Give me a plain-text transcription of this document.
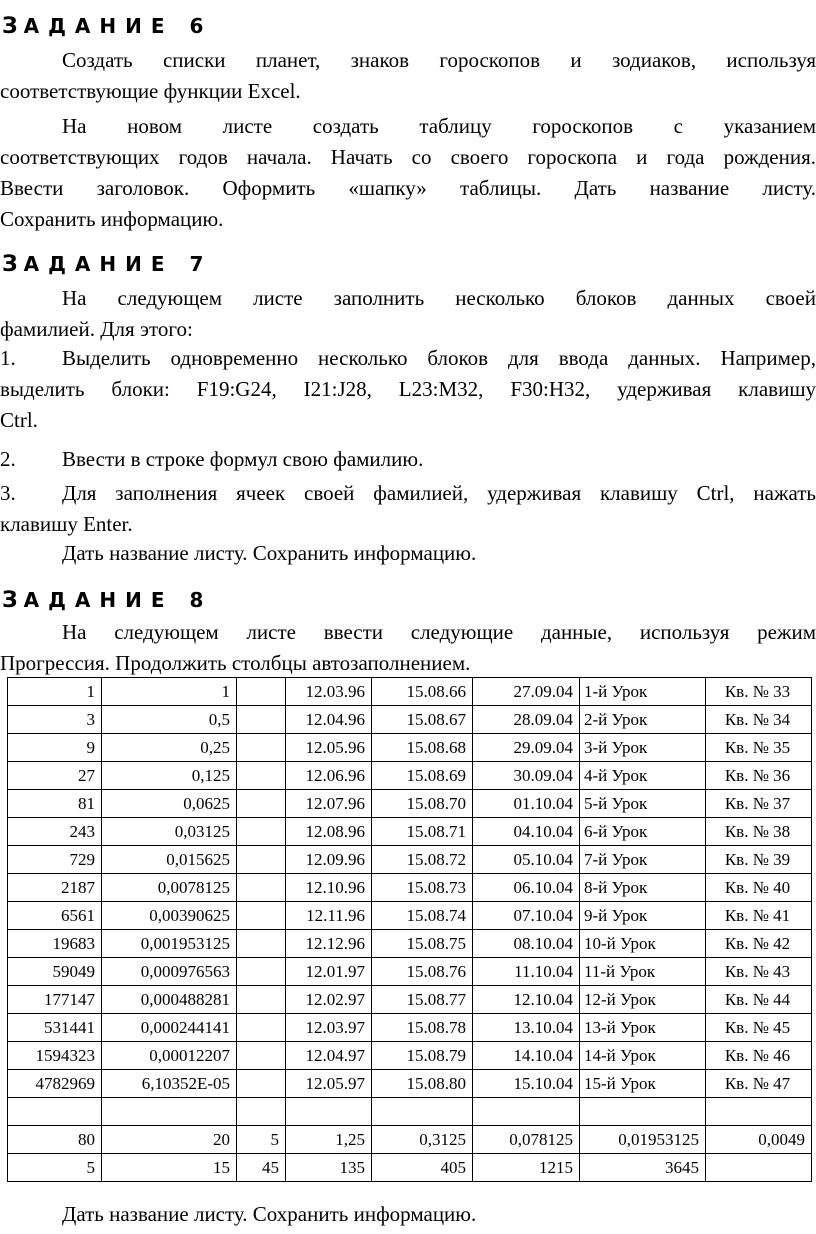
ЗАДАНИЕ 6
Создать списки планет, знаков гороскопов и зодиаков, используя
соответствующие функции Excel.
На новом листе создать таблицу гороскопов с указанием
соответствующих годов начала. Начать со своего гороскопа и года рождения.
Ввести заголовок. Оформить «шапку» таблицы. Дать название листу.
Сохранить информацию.
ЗАДАНИЕ 7
На следующем листе заполнить несколько блоков данных своей
фамилией. Для этого:
1. Выделить одновременно несколько блоков для ввода данных. Например,
выделить блоки: F19:G24, I21:J28, L23:M32, F30:H32, удерживая клавишу
Ctrl.
2. Ввести в строке формул свою фамилию.
3. Для заполнения ячеек своей фамилией, удерживая клавишу Ctrl, нажать
клавишу Enter.
Дать название листу. Сохранить информацию.
ЗАДАНИЕ 8
На следующем листе ввести следующие данные, используя режим
Прогрессия. Продолжить столбцы автозаполнением.
1	1		12.03.96	15.08.66	27.09.04	1-й Урок	Кв. № 33
3	0,5		12.04.96	15.08.67	28.09.04	2-й Урок	Кв. № 34
9	0,25		12.05.96	15.08.68	29.09.04	3-й Урок	Кв. № 35
27	0,125		12.06.96	15.08.69	30.09.04	4-й Урок	Кв. № 36
81	0,0625		12.07.96	15.08.70	01.10.04	5-й Урок	Кв. № 37
243	0,03125		12.08.96	15.08.71	04.10.04	6-й Урок	Кв. № 38
729	0,015625		12.09.96	15.08.72	05.10.04	7-й Урок	Кв. № 39
2187	0,0078125		12.10.96	15.08.73	06.10.04	8-й Урок	Кв. № 40
6561	0,00390625		12.11.96	15.08.74	07.10.04	9-й Урок	Кв. № 41
19683	0,001953125		12.12.96	15.08.75	08.10.04	10-й Урок	Кв. № 42
59049	0,000976563		12.01.97	15.08.76	11.10.04	11-й Урок	Кв. № 43
177147	0,000488281		12.02.97	15.08.77	12.10.04	12-й Урок	Кв. № 44
531441	0,000244141		12.03.97	15.08.78	13.10.04	13-й Урок	Кв. № 45
1594323	0,00012207		12.04.97	15.08.79	14.10.04	14-й Урок	Кв. № 46
4782969	6,10352E-05		12.05.97	15.08.80	15.10.04	15-й Урок	Кв. № 47

80	20	5	1,25	0,3125	0,078125	0,01953125	0,0049
5	15	45	135	405	1215	3645	
Дать название листу. Сохранить информацию.
